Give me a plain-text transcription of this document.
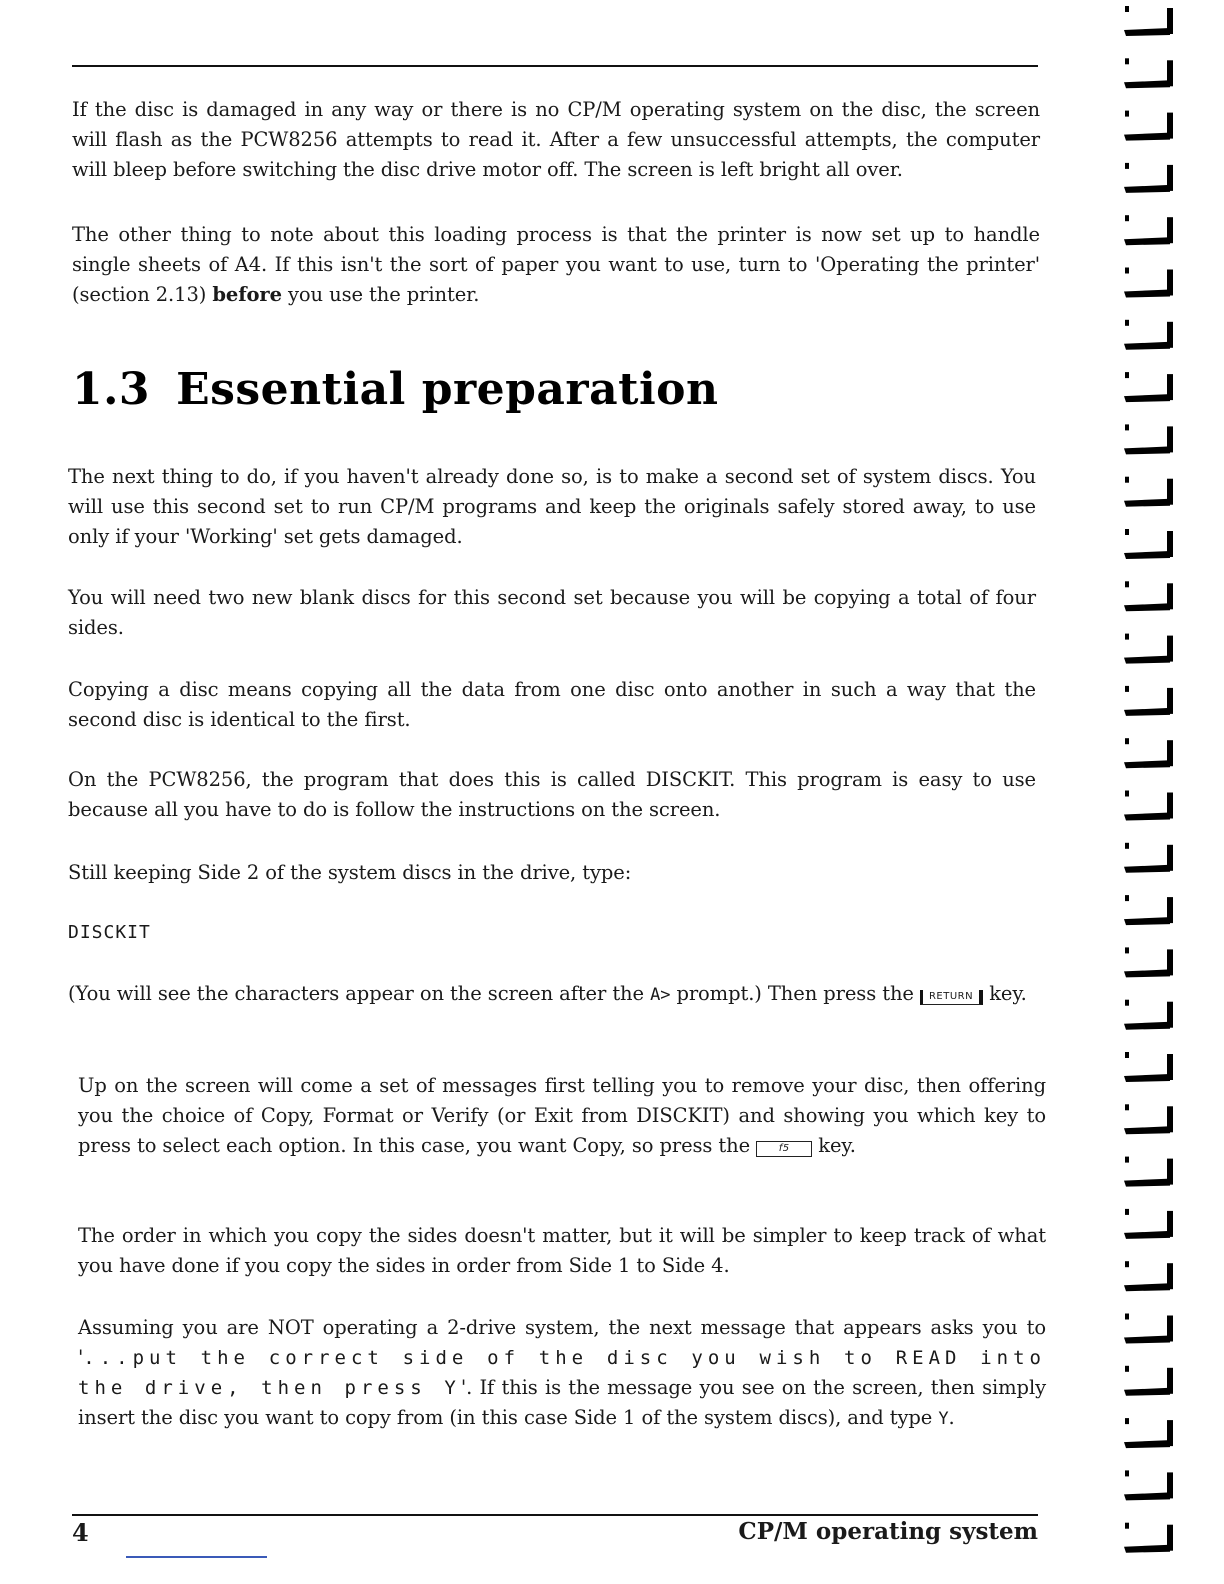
If the disc is damaged in any way or there is no CP/M operating system on the disc, the screen will flash as the PCW8256 attempts to read it. After a few unsuccessful attempts, the computer will bleep before switching the disc drive motor off. The screen is left bright all over.

The other thing to note about this loading process is that the printer is now set up to handle single sheets of A4. If this isn't the sort of paper you want to use, turn to 'Operating the printer' (section 2.13) before you use the printer.

1.3 Essential preparation

The next thing to do, if you haven't already done so, is to make a second set of system discs. You will use this second set to run CP/M programs and keep the originals safely stored away, to use only if your 'Working' set gets damaged.

You will need two new blank discs for this second set because you will be copying a total of four sides.

Copying a disc means copying all the data from one disc onto another in such a way that the second disc is identical to the first.

On the PCW8256, the program that does this is called DISCKIT. This program is easy to use because all you have to do is follow the instructions on the screen.

Still keeping Side 2 of the system discs in the drive, type:

DISCKIT

(You will see the characters appear on the screen after the A> prompt.) Then press the RETURN key.

Up on the screen will come a set of messages first telling you to remove your disc, then offering you the choice of Copy, Format or Verify (or Exit from DISCKIT) and showing you which key to press to select each option. In this case, you want Copy, so press the f5 key.

The order in which you copy the sides doesn't matter, but it will be simpler to keep track of what you have done if you copy the sides in order from Side 1 to Side 4.

Assuming you are NOT operating a 2-drive system, the next message that appears asks you to '...put the correct side of the disc you wish to READ into the drive, then press Y'. If this is the message you see on the screen, then simply insert the disc you want to copy from (in this case Side 1 of the system discs), and type Y.

4	CP/M operating system
